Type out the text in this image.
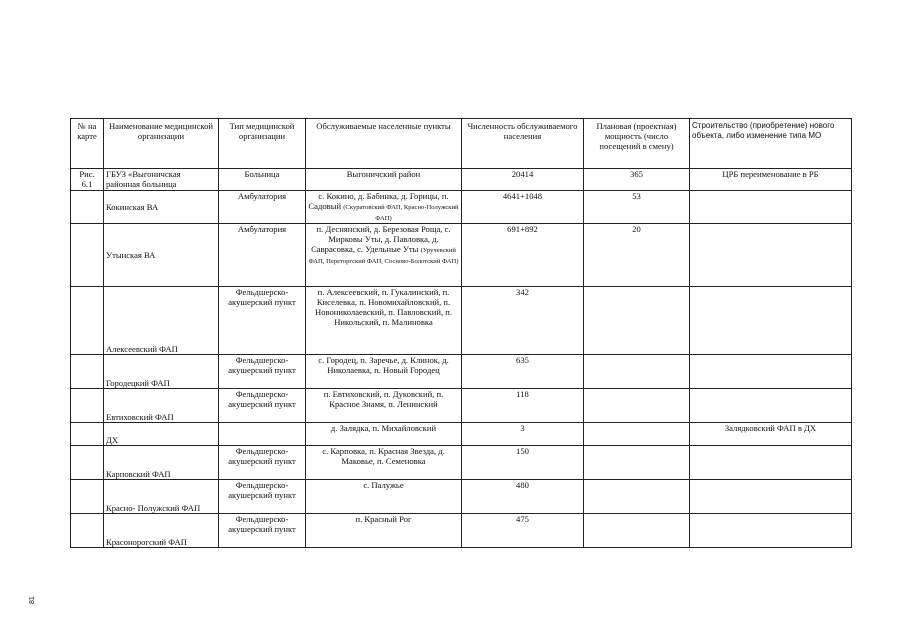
№ на карте	Наименование медицинской организации	Тип медицинской организации	Обслуживаемые населенные пункты	Численность обслуживаемого населения	Плановая (проектная) мощность (число посещений в смену)	Строительство (приобретение) нового объекта, либо изменение типа МО
Рис. 6.1	ГБУЗ «Выгоничская районная больница	Больница	Выгоничский район	20414	365	ЦРБ переименование в РБ
	Кокинская ВА	Амбулатория	с. Кокино, д. Бабинка, д. Горицы, п. Садовый (Скуратовский ФАП, Красно-Полужский ФАП)	4641+1048	53	
	Утынская ВА	Амбулатория	п. Деснянский, д. Березовая Роща, с. Мирковы Уты, д. Павловка, д. Савраcовка, с. Удельные Уты (Уручевский ФАП, Переторгский ФАП, Сосново-Болотский ФАП)	691+892	20	
	Алексеевский ФАП	Фельдшерско-акушерский пункт	п. Алексеевский, п. Гукалинский, п. Киселевка, п. Новомихайловский, п. Новониколаевский, п. Павловский, п. Никольский, п. Малиновка	342		
	Городецкий ФАП	Фельдшерско-акушерский пункт	с. Городец, п. Заречье, д. Клинок, д. Николаевка, п. Новый Городец	635		
	Евтиховский ФАП	Фельдшерско-акушерский пункт	п. Евтиховский, п. Дуковский, п. Красное Знамя, п. Ленинский	118		
	ДХ		д. Залядка, п. Михайловский	3		Залядковский ФАП в ДХ
	Карповский ФАП	Фельдшерско-акушерский пункт	с. Карповка, п. Красная Звезда, д. Маковье, п. Семеновка	150		
	Красно- Полужский ФАП	Фельдшерско-акушерский пункт	с. Палужье	480		
	Красонорогский ФАП	Фельдшерско-акушерский пункт	п. Красный Рог	475		
81
